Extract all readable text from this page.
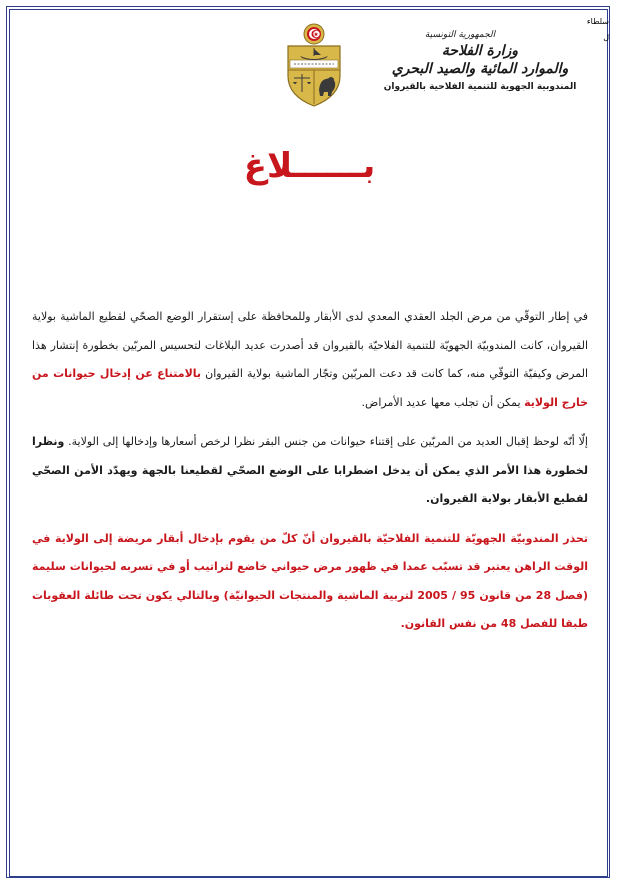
سلطاء
ل
الجمهورية التونسية
وزارة الفلاحة
والموارد المائية والصيد البحري
المندوبية الجهوية للتنمية الفلاحية بالقيروان
بــــــلاغ

في إطار التوقّي من مرض الجلد العقدي المعدي لدى الأبقار وللمحافظة على إستقرار الوضع الصحّي لقطيع الماشية بولاية القيروان، كانت المندوبيّة الجهويّة للتنمية الفلاحيّة بالقيروان قد أصدرت عديد البلاغات لتحسيس المربّين بخطورة إنتشار هذا المرض وكيفيّة التوقّي منه، كما كانت قد دعت المربّين وتجّار الماشية بولاية القيروان بالامتناع عن إدخال حيوانات من خارج الولاية يمكن أن تجلب معها عديد الأمراض.

إلّا أنّه لوحظ إقبال العديد من المربّين على إقتناء حيوانات من جنس البقر نظرا لرخص أسعارها وإدخالها إلى الولاية. ونظرا لخطورة هذا الأمر الذي يمكن أن يدخل اضطرابا على الوضع الصحّي لقطيعنا بالجهة ويهدّد الأمن الصحّي لقطيع الأبقار بولاية القيروان.

تحذر المندوبيّة الجهويّة للتنمية الفلاحيّة بالقيروان أنّ كلّ من يقوم بإدخال أبقار مريضة إلى الولاية في الوقت الراهن يعتبر قد تسبّب عمدا في ظهور مرض حيواني خاضع لتراتيب أو في تسربه لحيوانات سليمة (فصل 28 من قانون 95 / 2005 لتربية الماشية والمنتجات الحيوانيّة) وبالتالي يكون تحت طائلة العقوبات طبقا للفصل 48 من نفس القانون.
